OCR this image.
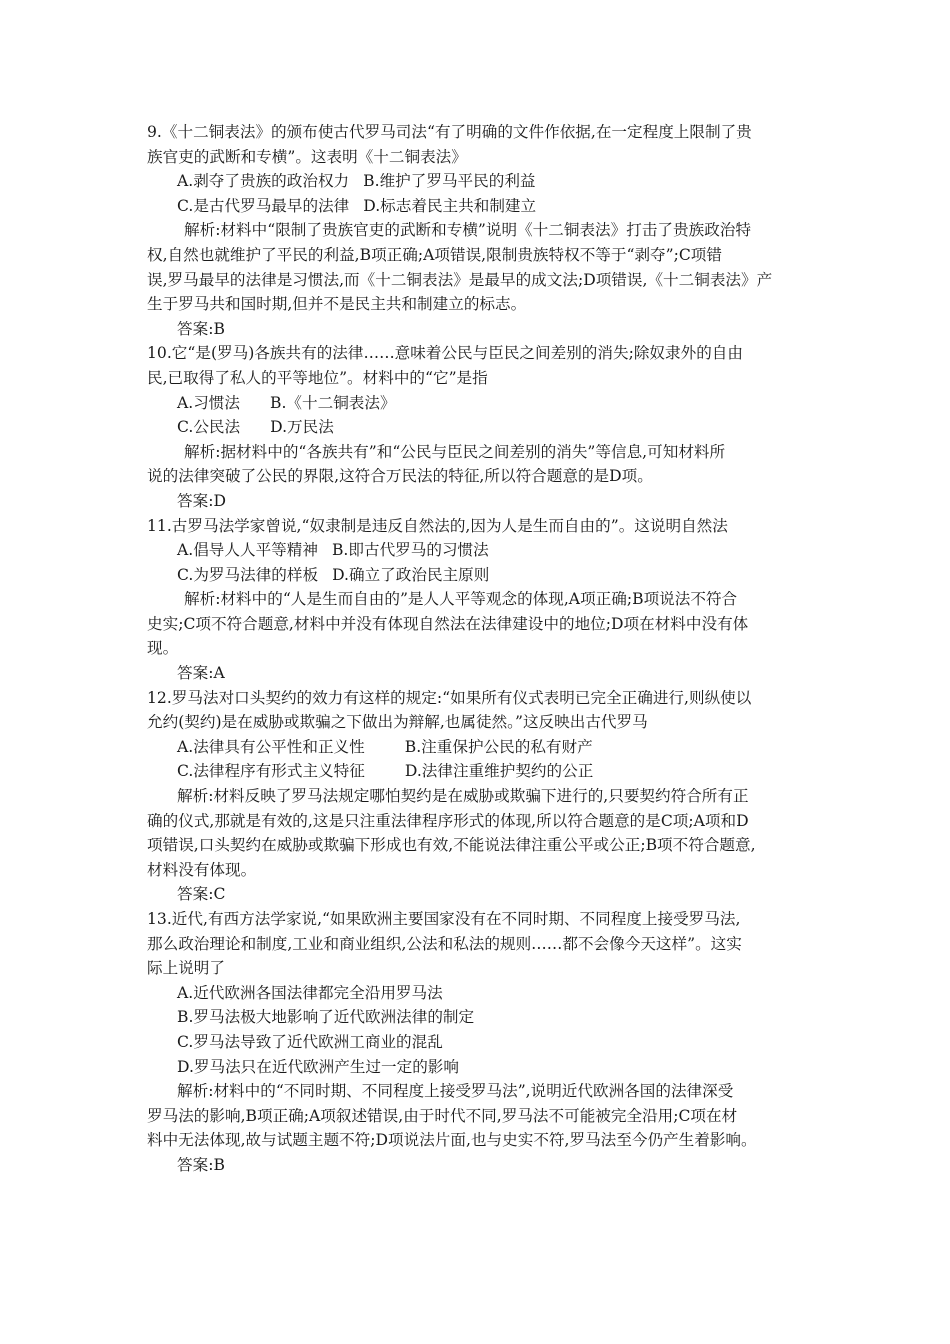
9.《十二铜表法》的颁布使古代罗马司法“有了明确的文件作依据,在一定程度上限制了贵
族官吏的武断和专横”。这表明《十二铜表法》
A.剥夺了贵族的政治权力 B.维护了罗马平民的利益
C.是古代罗马最早的法律 D.标志着民主共和制建立
解析:材料中“限制了贵族官吏的武断和专横”说明《十二铜表法》打击了贵族政治特
权,自然也就维护了平民的利益,B项正确;A项错误,限制贵族特权不等于“剥夺”;C项错
误,罗马最早的法律是习惯法,而《十二铜表法》是最早的成文法;D项错误,《十二铜表法》产
生于罗马共和国时期,但并不是民主共和制建立的标志。
答案:B
10.它“是(罗马)各族共有的法律……意味着公民与臣民之间差别的消失;除奴隶外的自由
民,已取得了私人的平等地位”。材料中的“它”是指
A.习惯法 B.《十二铜表法》
C.公民法 D.万民法
解析:据材料中的“各族共有”和“公民与臣民之间差别的消失”等信息,可知材料所
说的法律突破了公民的界限,这符合万民法的特征,所以符合题意的是D项。
答案:D
11.古罗马法学家曾说,“奴隶制是违反自然法的,因为人是生而自由的”。这说明自然法
A.倡导人人平等精神 B.即古代罗马的习惯法
C.为罗马法律的样板 D.确立了政治民主原则
解析:材料中的“人是生而自由的”是人人平等观念的体现,A项正确;B项说法不符合
史实;C项不符合题意,材料中并没有体现自然法在法律建设中的地位;D项在材料中没有体
现。
答案:A
12.罗马法对口头契约的效力有这样的规定:“如果所有仪式表明已完全正确进行,则纵使以
允约(契约)是在威胁或欺骗之下做出为辩解,也属徒然。”这反映出古代罗马
A.法律具有公平性和正义性	B.注重保护公民的私有财产
C.法律程序有形式主义特征	D.法律注重维护契约的公正
解析:材料反映了罗马法规定哪怕契约是在威胁或欺骗下进行的,只要契约符合所有正
确的仪式,那就是有效的,这是只注重法律程序形式的体现,所以符合题意的是C项;A项和D
项错误,口头契约在威胁或欺骗下形成也有效,不能说法律注重公平或公正;B项不符合题意,
材料没有体现。
答案:C
13.近代,有西方法学家说,“如果欧洲主要国家没有在不同时期、不同程度上接受罗马法,
那么政治理论和制度,工业和商业组织,公法和私法的规则……都不会像今天这样”。这实
际上说明了
A.近代欧洲各国法律都完全沿用罗马法
B.罗马法极大地影响了近代欧洲法律的制定
C.罗马法导致了近代欧洲工商业的混乱
D.罗马法只在近代欧洲产生过一定的影响
解析:材料中的“不同时期、不同程度上接受罗马法”,说明近代欧洲各国的法律深受
罗马法的影响,B项正确;A项叙述错误,由于时代不同,罗马法不可能被完全沿用;C项在材
料中无法体现,故与试题主题不符;D项说法片面,也与史实不符,罗马法至今仍产生着影响。
答案:B
